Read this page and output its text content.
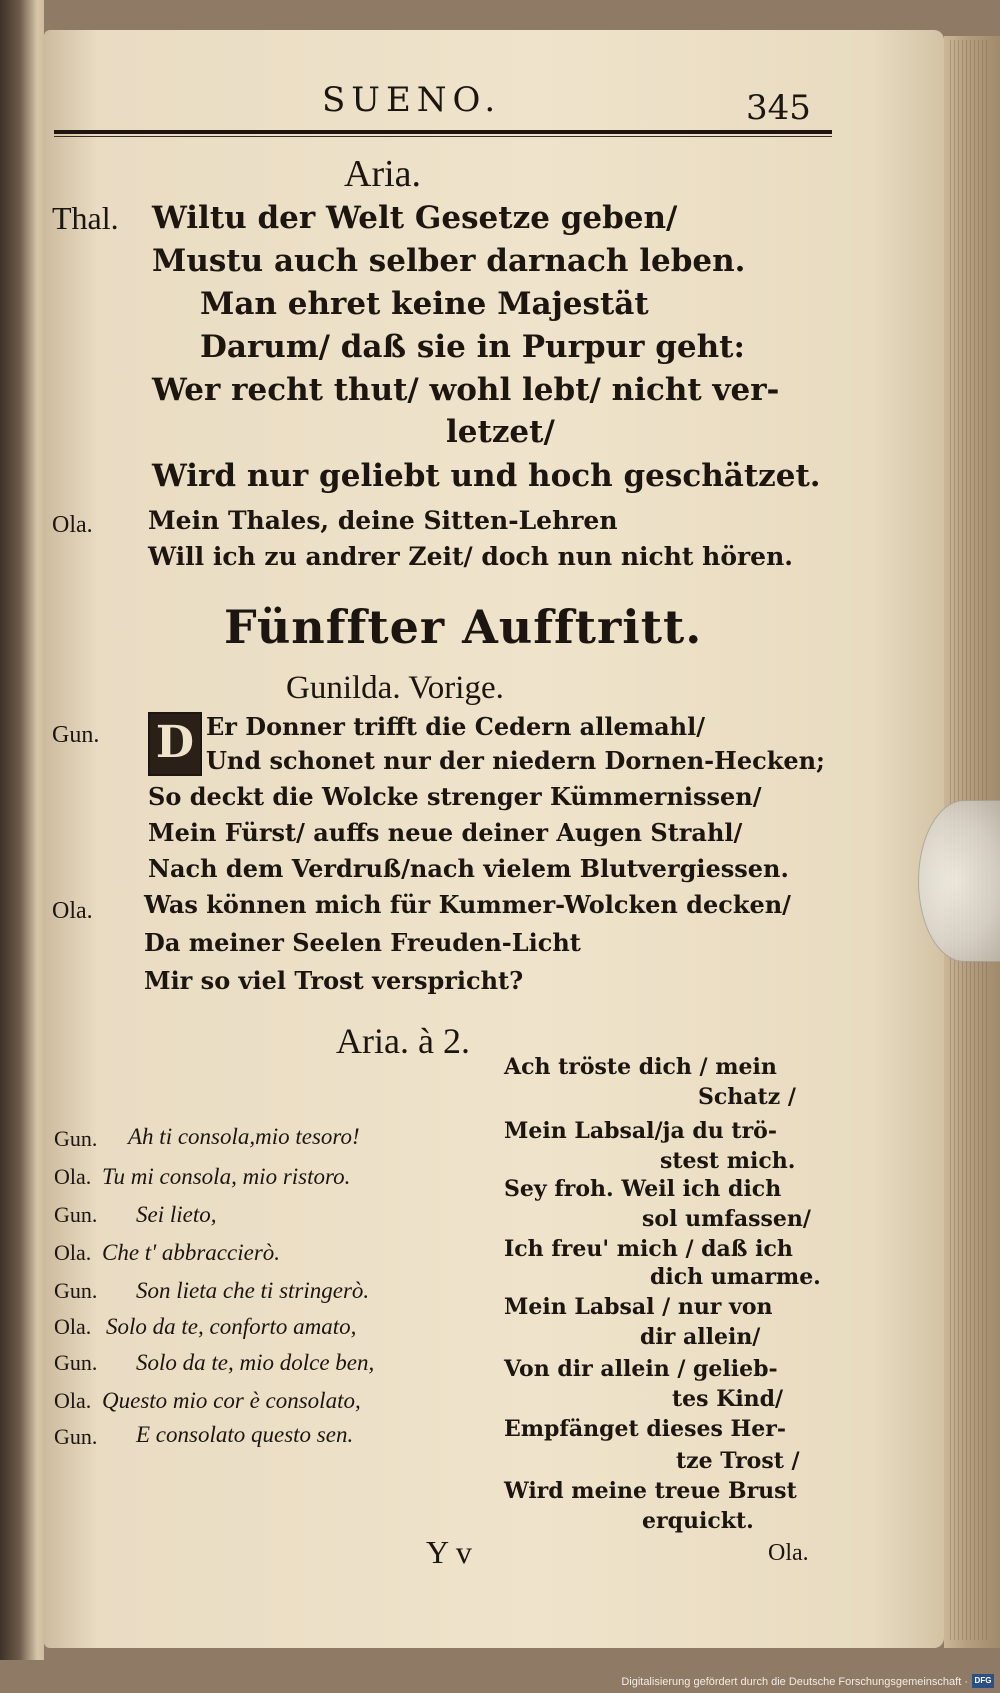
SUENO.	345
Aria.
Thal. Wiltu der Welt Gesetze geben/
Mustu auch selber darnach leben.
Man ehret keine Majestät
Darum/ daß sie in Purpur geht:
Wer recht thut/ wohl lebt/ nicht ver-
letzet/
Wird nur geliebt und hoch geschätzet.
Ola. Mein Thales, deine Sitten-Lehren
Will ich zu andrer Zeit/ doch nun nicht hören.
Fünffter Aufftritt.
Gunilda. Vorige.
Gun. D Er Donner trifft die Cedern allemahl/
Und schonet nur der niedern Dornen-Hecken;
So deckt die Wolcke strenger Kümmernissen/
Mein Fürst/ auffs neue deiner Augen Strahl/
Nach dem Verdruß/nach vielem Blutvergiessen.
Ola. Was können mich für Kummer-Wolcken decken/
Da meiner Seelen Freuden-Licht
Mir so viel Trost verspricht?
Aria. à 2.
Gun. Ah ti consola,mio tesoro!
Ola. Tu mi consola, mio ristoro.
Gun. Sei lieto,
Ola. Che t' abbraccierò.
Gun. Son lieta che ti stringerò.
Ola. Solo da te, conforto amato,
Gun. Solo da te, mio dolce ben,
Ola. Questo mio cor è consolato,
Gun. E consolato questo sen.
Ach tröste dich / mein
Schatz /
Mein Labsal/ja du trö-
stest mich.
Sey froh. Weil ich dich
sol umfassen/
Ich freu' mich / daß ich
dich umarme.
Mein Labsal / nur von
dir allein/
Von dir allein / gelieb-
tes Kind/
Empfänget dieses Her-
tze Trost /
Wird meine treue Brust
erquickt.
Y v	Ola.
Digitalisierung gefördert durch die Deutsche Forschungsgemeinschaft · DFG
